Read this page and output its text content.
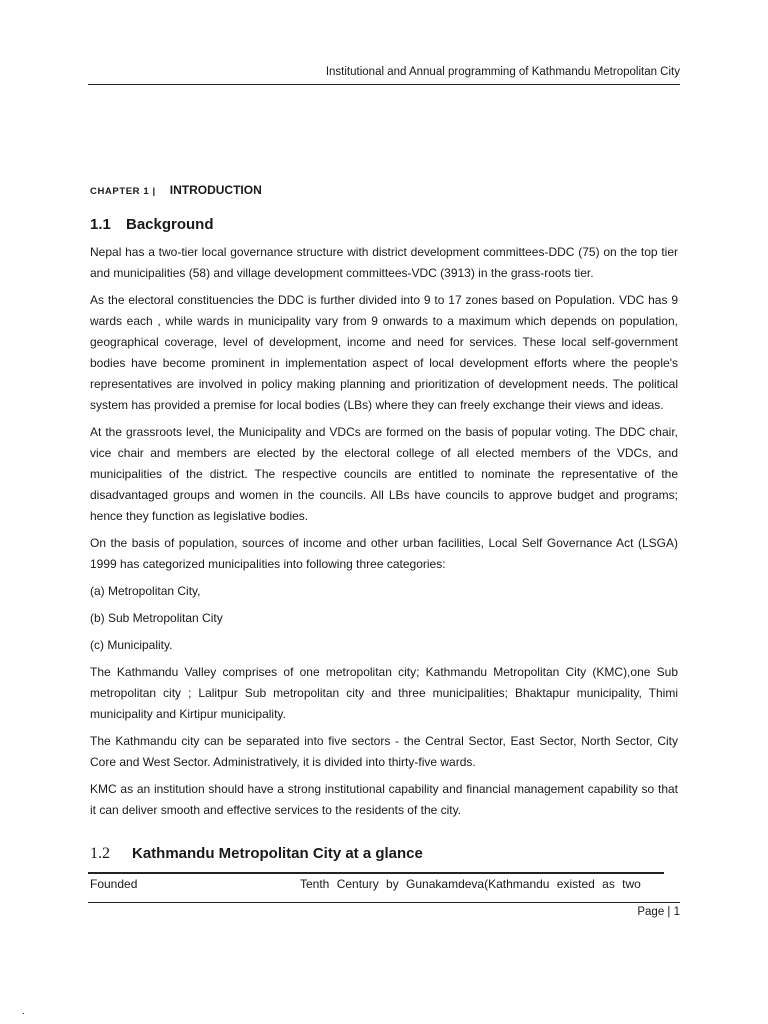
Institutional and Annual programming of Kathmandu Metropolitan City
CHAPTER 1 | INTRODUCTION
1.1 Background

Nepal has a two-tier local governance structure with district development committees-DDC (75) on the top tier and municipalities (58) and village development committees-VDC (3913) in the grass-roots tier.

As the electoral constituencies the DDC is further divided into 9 to 17 zones based on Population. VDC has 9 wards each , while wards in municipality vary from 9 onwards to a maximum which depends on population, geographical coverage, level of development, income and need for services. These local self-government bodies have become prominent in implementation aspect of local development efforts where the people's representatives are involved in policy making planning and prioritization of development needs. The political system has provided a premise for local bodies (LBs) where they can freely exchange their views and ideas.

At the grassroots level, the Municipality and VDCs are formed on the basis of popular voting. The DDC chair, vice chair and members are elected by the electoral college of all elected members of the VDCs, and municipalities of the district. The respective councils are entitled to nominate the representative of the disadvantaged groups and women in the councils. All LBs have councils to approve budget and programs; hence they function as legislative bodies.

On the basis of population, sources of income and other urban facilities, Local Self Governance Act (LSGA) 1999 has categorized municipalities into following three categories:

(a) Metropolitan City,

(b) Sub Metropolitan City

(c) Municipality.

The Kathmandu Valley comprises of one metropolitan city; Kathmandu Metropolitan City (KMC),one Sub metropolitan city ; Lalitpur Sub metropolitan city and three municipalities; Bhaktapur municipality, Thimi municipality and Kirtipur municipality.

The Kathmandu city can be separated into five sectors - the Central Sector, East Sector, North Sector, City Core and West Sector. Administratively, it is divided into thirty-five wards.

KMC as an institution should have a strong institutional capability and financial management capability so that it can deliver smooth and effective services to the residents of the city.

1.2 Kathmandu Metropolitan City at a glance
Founded	Tenth Century by Gunakamdeva(Kathmandu existed as two
Page | 1
.
